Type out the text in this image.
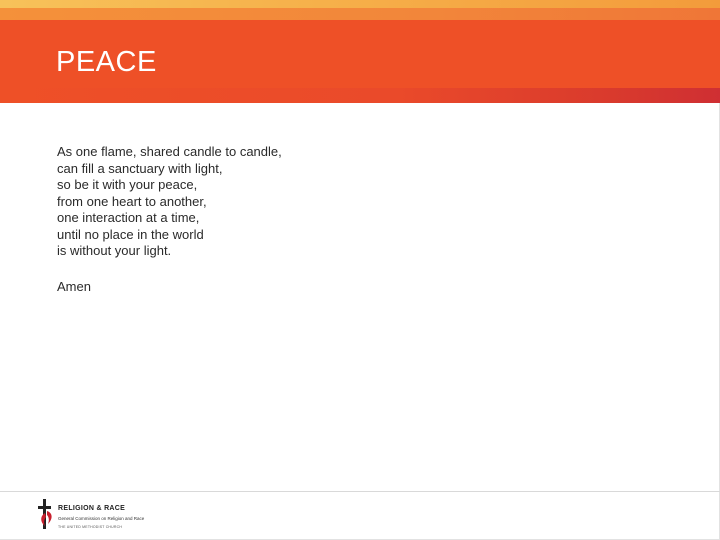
PEACE
As one flame, shared candle to candle,
can fill a sanctuary with light,
so be it with your peace,
from one heart to another,
one interaction at a time,
until no place in the world
is without your light.
Amen
RELIGION & RACE
General Commission on Religion and Race
THE UNITED METHODIST CHURCH
